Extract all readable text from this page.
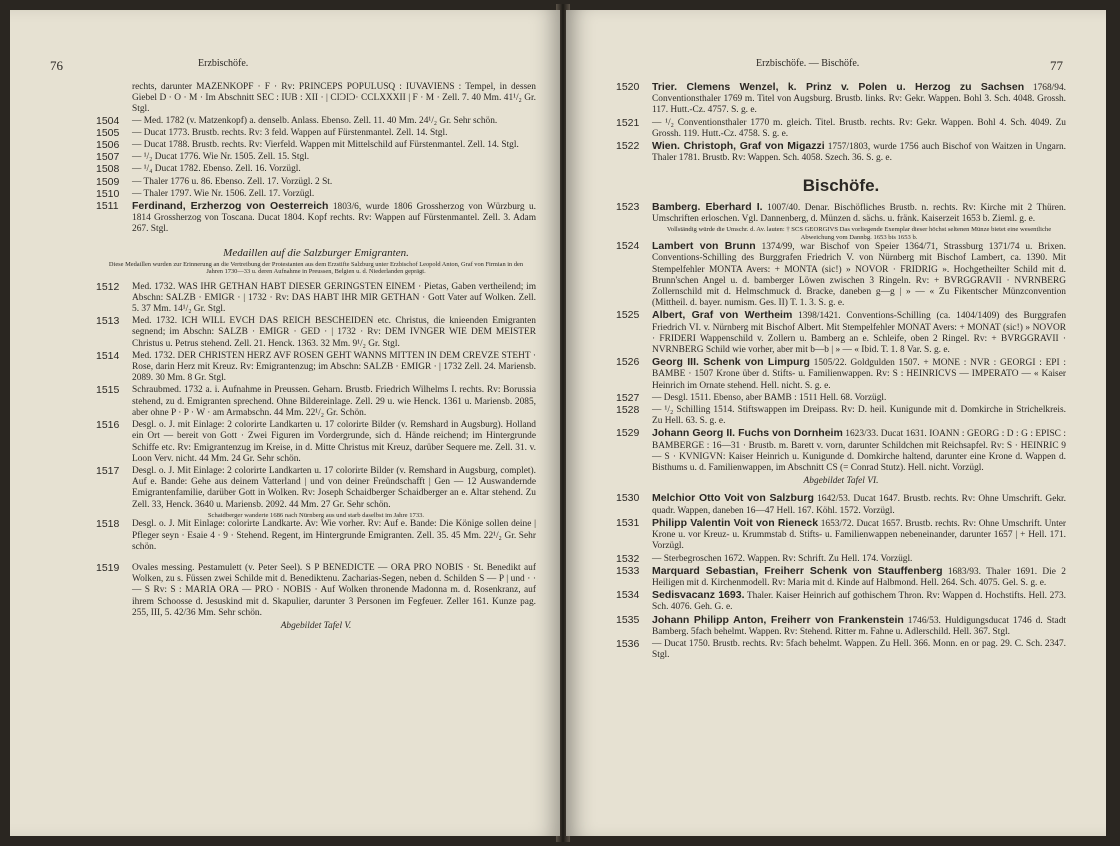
76	Erzbischöfe.
rechts, darunter MAZENKOPF · F · Rv: PRINCEPS POPULUSQ : IUVAVIENS : Tempel, in dessen Giebel D · O · M · Im Abschnitt SEC : IUB : XII · | CIƆIƆ· CCLXXXII | F · M · Zell. 7. 40 Mm. 41¹/₂ Gr. Stgl.
1504 — Med. 1782 (v. Matzenkopf) a. denselb. Anlass. Ebenso. Zell. 11. 40 Mm. 24¹/₂ Gr. Sehr schön.
1505 — Ducat 1773. Brustb. rechts. Rv: 3 feld. Wappen auf Fürstenmantel. Zell. 14. Stgl.
1506 — Ducat 1788. Brustb. rechts. Rv: Vierfeld. Wappen mit Mittelschild auf Fürstenmantel. Zell. 14. Stgl.
1507 — ¹/₂ Ducat 1776. Wie Nr. 1505. Zell. 15. Stgl.
1508 — ¹/₄ Ducat 1782. Ebenso. Zell. 16. Vorzügl.
1509 — Thaler 1776 u. 86. Ebenso. Zell. 17. Vorzügl. 2 St.
1510 — Thaler 1797. Wie Nr. 1506. Zell. 17. Vorzügl.
1511 Ferdinand, Erzherzog von Oesterreich 1803/6, wurde 1806 Grossherzog von Würzburg u. 1814 Grossherzog von Toscana. Ducat 1804. Kopf rechts. Rv: Wappen auf Fürstenmantel. Zell. 3. Adam 267. Stgl.
Medaillen auf die Salzburger Emigranten.
Diese Medaillen wurden zur Erinnerung an die Vertreibung der Protestanten aus dem Erzstifte Salzburg unter Erzbischof Leopold Anton, Graf von Firmian in den Jahren 1730—33 u. deren Aufnahme in Preussen, Belgien u. d. Niederlanden geprägt.
1512 Med. 1732. WAS IHR GETHAN HABT DIESER GERINGSTEN EINEM · Pietas, Gaben vertheilend; im Abschn: SALZB · EMIGR · | 1732 · Rv: DAS HABT IHR MIR GETHAN · Gott Vater auf Wolken. Zell. 5. 37 Mm. 14¹/₂ Gr. Stgl.
1513 Med. 1732. ICH WILL EVCH DAS REICH BESCHEIDEN etc. Christus, die knieenden Emigranten segnend; im Abschn: SALZB · EMIGR · GED · | 1732 · Rv: DEM IVNGER WIE DEM MEISTER Christus u. Petrus stehend. Zell. 21. Henck. 1363. 32 Mm. 9¹/₂ Gr. Stgl.
1514 Med. 1732. DER CHRISTEN HERZ AVF ROSEN GEHT WANNS MITTEN IN DEM CREVZE STEHT · Rose, darin Herz mit Kreuz. Rv: Emigrantenzug; im Abschn: SALZB · EMIGR · | 1732 Zell. 24. Mariensb. 2089. 30 Mm. 8 Gr. Stgl.
1515 Schraubmed. 1732 a. i. Aufnahme in Preussen. Geharn. Brustb. Friedrich Wilhelms I. rechts. Rv: Borussia stehend, zu d. Emigranten sprechend. Ohne Bildereinlage. Zell. 29 u. wie Henck. 1361 u. Mariensb. 2085, aber ohne P · P · W · am Armabschn. 44 Mm. 22¹/₂ Gr. Schön.
1516 Desgl. o. J. mit Einlage: 2 colorirte Landkarten u. 17 colorirte Bilder (v. Remshard in Augsburg). Holland ein Ort — bereit von Gott · Zwei Figuren im Vordergrunde, sich d. Hände reichend; im Hintergrunde Schiffe etc. Rv: Emigrantenzug im Kreise, in d. Mitte Christus mit Kreuz, darüber Sequere me. Zell. 31. v. Loon Verv. nicht. 44 Mm. 24 Gr. Sehr schön.
1517 Desgl. o. J. Mit Einlage: 2 colorirte Landkarten u. 17 colorirte Bilder (v. Remshard in Augsburg, complet). Auf e. Bande: Gehe aus deinem Vatterland | und von deiner Freündschafft | Gen — 12 Auswandernde Emigrantenfamilie, darüber Gott in Wolken. Rv: Joseph Schaidberger Schaidberger an e. Altar stehend. Zu Zell. 33, Henck. 3640 u. Mariensb. 2092. 44 Mm. 27 Gr. Sehr schön.
Schaidberger wanderte 1686 nach Nürnberg aus und starb daselbst im Jahre 1733.
1518 Desgl. o. J. Mit Einlage: colorirte Landkarte. Av: Wie vorher. Rv: Auf e. Bande: Die Könige sollen deine | Pfleger seyn · Esaie 4 · 9 · Stehend. Regent, im Hintergrunde Emigranten. Zell. 35. 45 Mm. 22¹/₂ Gr. Sehr schön.
1519 Ovales messing. Pestamulett (v. Peter Seel). S P BENEDICTE — ORA PRO NOBIS · St. Benedikt auf Wolken, zu s. Füssen zwei Schilde mit d. Benediktenu. Zacharias-Segen, neben d. Schilden S — P | und · · — S Rv: S : MARIA ORA — PRO · NOBIS · Auf Wolken thronende Madonna m. d. Rosenkranz, auf ihrem Schoosse d. Jesuskind mit d. Skapulier, darunter 3 Personen im Fegfeuer. Zeller 161. Kunze pag. 255, III, 5. 42/36 Mm. Sehr schön.
Abgebildet Tafel V.
Erzbischöfe. — Bischöfe.	77
1520 Trier. Clemens Wenzel, k. Prinz v. Polen u. Herzog zu Sachsen 1768/94. Conventionsthaler 1769 m. Titel von Augsburg. Brustb. links. Rv: Gekr. Wappen. Bohl 3. Sch. 4048. Grossh. 117. Hutt.-Cz. 4757. S. g. e.
1521 — ¹/₂ Conventionsthaler 1770 m. gleich. Titel. Brustb. rechts. Rv: Gekr. Wappen. Bohl 4. Sch. 4049. Zu Grossh. 119. Hutt.-Cz. 4758. S. g. e.
1522 Wien. Christoph, Graf von Migazzi 1757/1803, wurde 1756 auch Bischof von Waitzen in Ungarn. Thaler 1781. Brustb. Rv: Wappen. Sch. 4058. Szech. 36. S. g. e.
Bischöfe.
1523 Bamberg. Eberhard I. 1007/40. Denar. Bischöfliches Brustb. n. rechts. Rv: Kirche mit 2 Thüren. Umschriften erloschen. Vgl. Dannenberg, d. Münzen d. sächs. u. fränk. Kaiserzeit 1653 b. Zieml. g. e.
Vollständig würde die Umschr. d. Av. lauten: † SCS GEORGIVS Das vorliegende Exemplar dieser höchst seltenen Münze bietet eine wesentliche Abweichung vom Dannbg. 1653 bis 1653 b.
1524 Lambert von Brunn 1374/99, war Bischof von Speier 1364/71, Strassburg 1371/74 u. Brixen. Conventions-Schilling des Burggrafen Friedrich V. von Nürnberg mit Bischof Lambert, ca. 1390. Mit Stempelfehler MONTA Avers: + MONTA (sic!) » NOVOR · FRIDRIG ». Hochgetheilter Schild mit d. Brunn'schen Angel u. d. bamberger Löwen zwischen 3 Ringeln. Rv: + BVRGGRAVII · NVRNBERG Zollernschild mit d. Helmschmuck d. Bracke, daneben g—g | » — « Zu Fikentscher Münzconvention (Mittheil. d. bayer. numism. Ges. II) T. 1. 3. S. g. e.
1525 Albert, Graf von Wertheim 1398/1421. Conventions-Schilling (ca. 1404/1409) des Burggrafen Friedrich VI. v. Nürnberg mit Bischof Albert. Mit Stempelfehler MONAT Avers: + MONAT (sic!) » NOVOR · FRIDERI Wappenschild v. Zollern u. Bamberg an e. Schleife, oben 2 Ringel. Rv: + BVRGGRAVII · NVRNBERG Schild wie vorher, aber mit b—b | » — « Ibid. T. 1. 8 Var. S. g. e.
1526 Georg III. Schenk von Limpurg 1505/22. Goldgulden 1507. + MONE : NVR : GEORGI : EPI : BAMBE · 1507 Krone über d. Stifts- u. Familienwappen. Rv: S : HEINRICVS — IMPERATO — « Kaiser Heinrich im Ornate stehend. Hell. nicht. S. g. e.
1527 — Desgl. 1511. Ebenso, aber BAMB : 1511 Hell. 68. Vorzügl.
1528 — ¹/₂ Schilling 1514. Stiftswappen im Dreipass. Rv: D. heil. Kunigunde mit d. Domkirche in Strichelkreis. Zu Hell. 63. S. g. e.
1529 Johann Georg II. Fuchs von Dornheim 1623/33. Ducat 1631. IOANN : GEORG : D : G : EPISC : BAMBERGE : 16—31 · Brustb. m. Barett v. vorn, darunter Schildchen mit Reichsapfel. Rv: S · HEINRIC 9 — S · KVNIGVN: Kaiser Heinrich u. Kunigunde d. Domkirche haltend, darunter eine Krone d. Wappen d. Bisthums u. d. Familienwappen, im Abschnitt CS (= Conrad Stutz). Hell. nicht. Vorzügl.
Abgebildet Tafel VI.
1530 Melchior Otto Voit von Salzburg 1642/53. Ducat 1647. Brustb. rechts. Rv: Ohne Umschrift. Gekr. quadr. Wappen, daneben 16—47 Hell. 167. Köhl. 1572. Vorzügl.
1531 Philipp Valentin Voit von Rieneck 1653/72. Ducat 1657. Brustb. rechts. Rv: Ohne Umschrift. Unter Krone u. vor Kreuz- u. Krummstab d. Stifts- u. Familienwappen nebeneinander, darunter 1657 | + Hell. 171. Vorzügl.
1532 — Sterbegroschen 1672. Wappen. Rv: Schrift. Zu Hell. 174. Vorzügl.
1533 Marquard Sebastian, Freiherr Schenk von Stauffenberg 1683/93. Thaler 1691. Die 2 Heiligen mit d. Kirchenmodell. Rv: Maria mit d. Kinde auf Halbmond. Hell. 264. Sch. 4075. Gel. S. g. e.
1534 Sedisvacanz 1693. Thaler. Kaiser Heinrich auf gothischem Thron. Rv: Wappen d. Hochstifts. Hell. 273. Sch. 4076. Geh. G. e.
1535 Johann Philipp Anton, Freiherr von Frankenstein 1746/53. Huldigungsducat 1746 d. Stadt Bamberg. 5fach behelmt. Wappen. Rv: Stehend. Ritter m. Fahne u. Adlerschild. Hell. 367. Stgl.
1536 — Ducat 1750. Brustb. rechts. Rv: 5fach behelmt. Wappen. Zu Hell. 366. Monn. en or pag. 29. C. Sch. 2347. Stgl.
